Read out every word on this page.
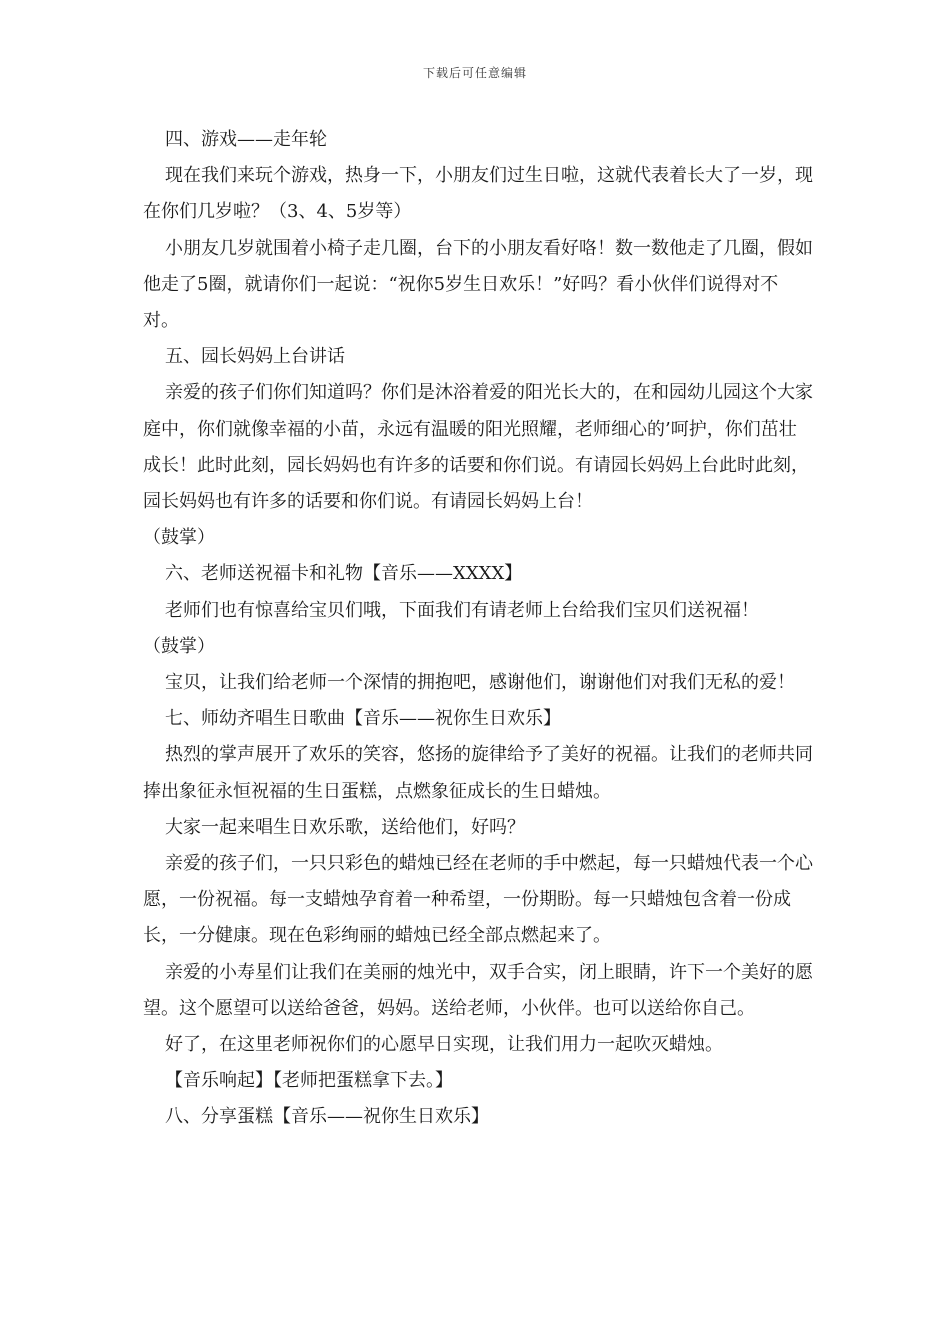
下载后可任意编辑

四、游戏——走年轮

现在我们来玩个游戏，热身一下，小朋友们过生日啦，这就代表着长大了一岁，现在你们几岁啦？（3、4、5岁等）

小朋友几岁就围着小椅子走几圈，台下的小朋友看好咯！数一数他走了几圈，假如他走了5圈，就请你们一起说：“祝你5岁生日欢乐！”好吗？看小伙伴们说得对不对。

五、园长妈妈上台讲话

亲爱的孩子们你们知道吗？你们是沐浴着爱的阳光长大的，在和园幼儿园这个大家庭中，你们就像幸福的小苗，永远有温暖的阳光照耀，老师细心的’呵护，你们茁壮成长！此时此刻，园长妈妈也有许多的话要和你们说。有请园长妈妈上台此时此刻，园长妈妈也有许多的话要和你们说。有请园长妈妈上台！

（鼓掌）

六、老师送祝福卡和礼物【音乐——XXXX】

老师们也有惊喜给宝贝们哦，下面我们有请老师上台给我们宝贝们送祝福！

（鼓掌）

宝贝，让我们给老师一个深情的拥抱吧，感谢他们，谢谢他们对我们无私的爱！

七、师幼齐唱生日歌曲【音乐——祝你生日欢乐】

热烈的掌声展开了欢乐的笑容，悠扬的旋律给予了美好的祝福。让我们的老师共同捧出象征永恒祝福的生日蛋糕，点燃象征成长的生日蜡烛。

大家一起来唱生日欢乐歌，送给他们，好吗？

亲爱的孩子们，一只只彩色的蜡烛已经在老师的手中燃起，每一只蜡烛代表一个心愿，一份祝福。每一支蜡烛孕育着一种希望，一份期盼。每一只蜡烛包含着一份成长，一分健康。现在色彩绚丽的蜡烛已经全部点燃起来了。

亲爱的小寿星们让我们在美丽的烛光中，双手合实，闭上眼睛，许下一个美好的愿望。这个愿望可以送给爸爸，妈妈。送给老师，小伙伴。也可以送给你自己。

好了，在这里老师祝你们的心愿早日实现，让我们用力一起吹灭蜡烛。

【音乐响起】【老师把蛋糕拿下去。】

八、分享蛋糕【音乐——祝你生日欢乐】
